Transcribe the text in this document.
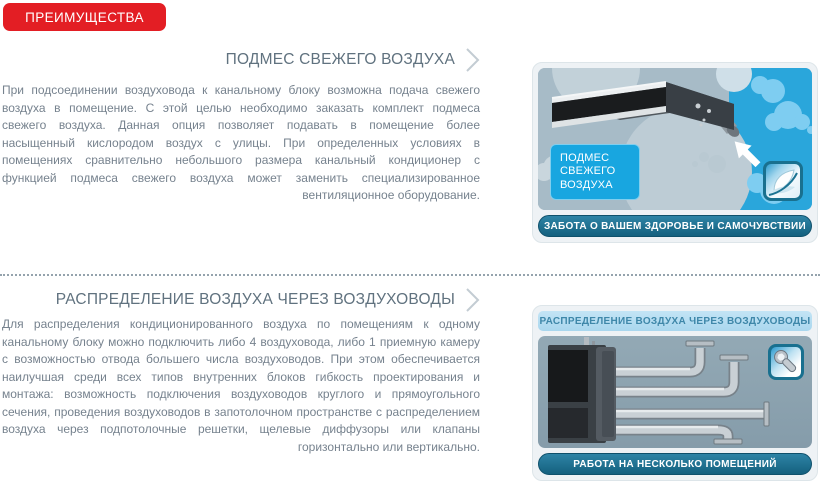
ПРЕИМУЩЕСТВА
ПОДМЕС СВЕЖЕГО ВОЗДУХА
При подсоединении воздуховода к канальному блоку возможна подача свежего воздуха в помещение. С этой целью необходимо заказать комплект подмеса свежего воздуха. Данная опция позволяет подавать в помещение более насыщенный кислородом воздух с улицы. При определенных условиях в помещениях сравнительно небольшого размера канальный кондиционер с функцией подмеса свежего воздуха может заменить специализированное вентиляционное оборудование.
ПОДМЕС СВЕЖЕГО ВОЗДУХА
ЗАБОТА О ВАШЕМ ЗДОРОВЬЕ И САМОЧУВСТВИИ
РАСПРЕДЕЛЕНИЕ ВОЗДУХА ЧЕРЕЗ ВОЗДУХОВОДЫ
Для распределения кондиционированного воздуха по помещениям к одному канальному блоку можно подключить либо 4 воздуховода, либо 1 приемную камеру с возможностью отвода большего числа воздуховодов. При этом обеспечивается наилучшая среди всех типов внутренних блоков гибкость проектирования и монтажа: возможность подключения воздуховодов круглого и прямоугольного сечения, проведения воздуховодов в запотолочном пространстве с распределением воздуха через подпотолочные решетки, щелевые диффузоры или клапаны горизонтально или вертикально.
РАСПРЕДЕЛЕНИЕ ВОЗДУХА ЧЕРЕЗ ВОЗДУХОВОДЫ
РАБОТА НА НЕСКОЛЬКО ПОМЕЩЕНИЙ
